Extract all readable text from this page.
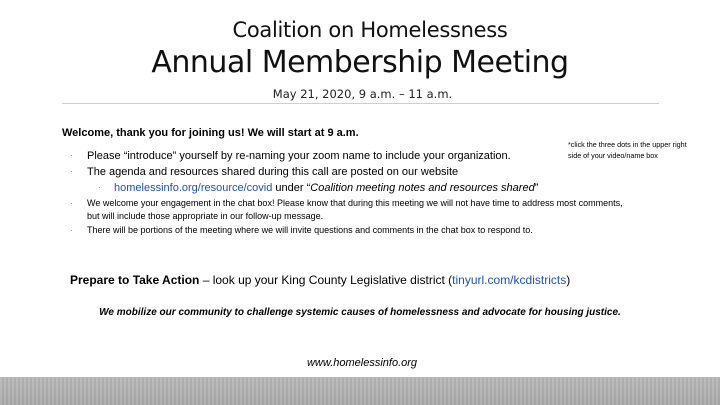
Coalition on Homelessness
Annual Membership Meeting
May 21, 2020, 9 a.m. – 11 a.m.
Welcome, thank you for joining us! We will start at 9 a.m.
*click the three dots in the upper right side of your video/name box
· Please “introduce” yourself by re-naming your zoom name to include your organization.
· The agenda and resources shared during this call are posted on our website
· homelessinfo.org/resource/covid under “Coalition meeting notes and resources shared”
· We welcome your engagement in the chat box! Please know that during this meeting we will not have time to address most comments, but will include those appropriate in our follow-up message.
· There will be portions of the meeting where we will invite questions and comments in the chat box to respond to.
Prepare to Take Action – look up your King County Legislative district (tinyurl.com/kcdistricts)
We mobilize our community to challenge systemic causes of homelessness and advocate for housing justice.
www.homelessinfo.org
